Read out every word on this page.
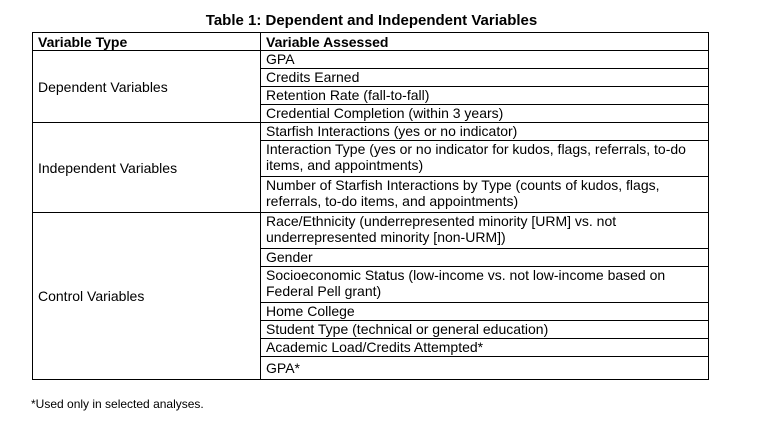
Table 1: Dependent and Independent Variables
Variable Type	Variable Assessed
Dependent Variables	GPA
	Credits Earned
	Retention Rate (fall-to-fall)
	Credential Completion (within 3 years)
Independent Variables	Starfish Interactions (yes or no indicator)
	Interaction Type (yes or no indicator for kudos, flags, referrals, to-do items, and appointments)
	Number of Starfish Interactions by Type (counts of kudos, flags, referrals, to-do items, and appointments)
Control Variables	Race/Ethnicity (underrepresented minority [URM] vs. not underrepresented minority [non-URM])
	Gender
	Socioeconomic Status (low-income vs. not low-income based on Federal Pell grant)
	Home College
	Student Type (technical or general education)
	Academic Load/Credits Attempted*
	GPA*
*Used only in selected analyses.
